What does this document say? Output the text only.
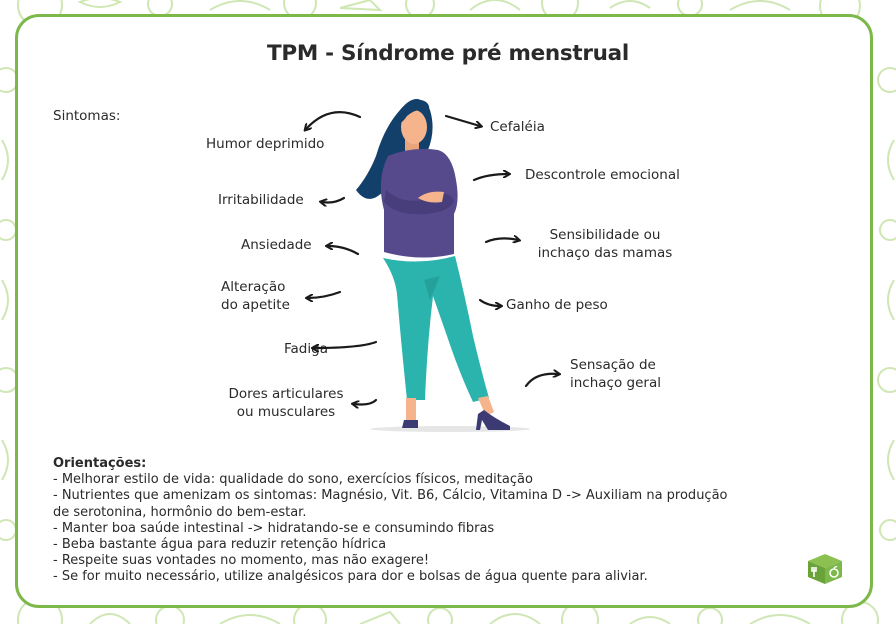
TPM - Síndrome pré menstrual
Sintomas:
Humor deprimido
Irritabilidade
Ansiedade
Alteração
do apetite
Fadiga
Dores articulares
ou musculares
Cefaléia
Descontrole emocional
Sensibilidade ou
inchaço das mamas
Ganho de peso
Sensação de
inchaço geral
Orientações:
- Melhorar estilo de vida: qualidade do sono, exercícios físicos, meditação
- Nutrientes que amenizam os sintomas: Magnésio, Vit. B6, Cálcio, Vitamina D -> Auxiliam na produção
de serotonina, hormônio do bem-estar.
- Manter boa saúde intestinal -> hidratando-se e consumindo fibras
- Beba bastante água para reduzir retenção hídrica
- Respeite suas vontades no momento, mas não exagere!
- Se for muito necessário, utilize analgésicos para dor e bolsas de água quente para aliviar.
